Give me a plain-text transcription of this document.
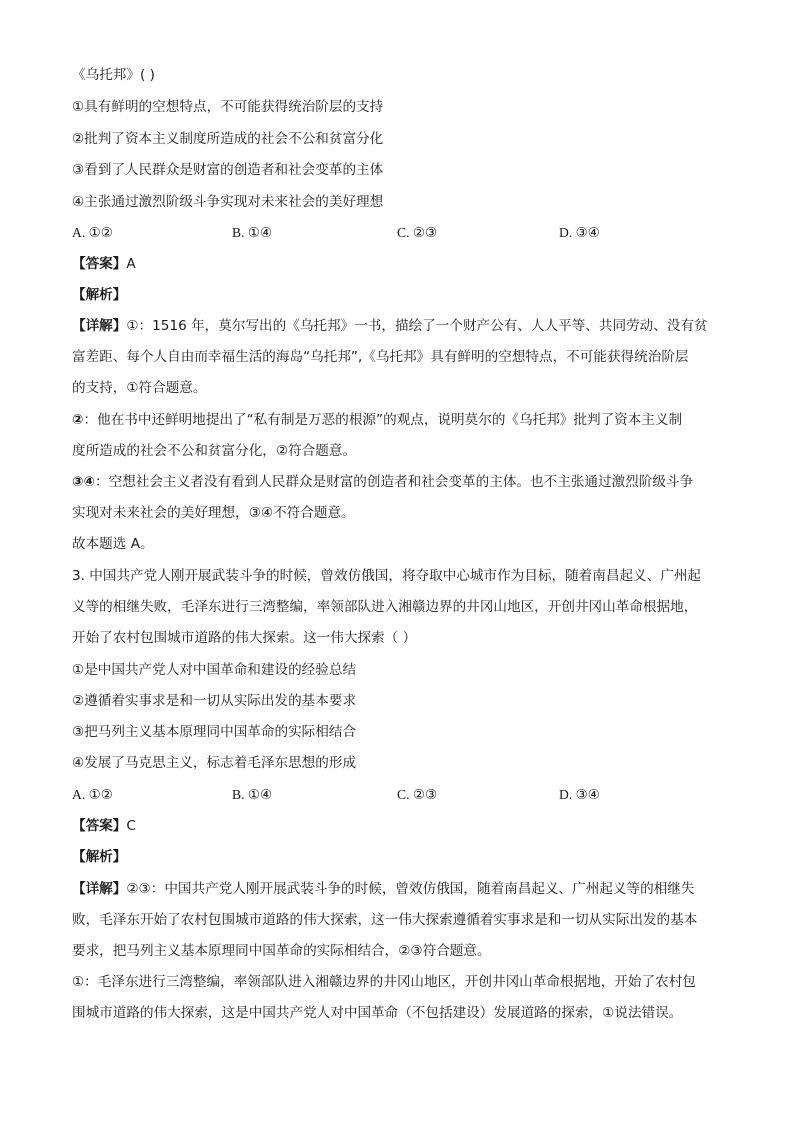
《乌托邦》( )
①具有鲜明的空想特点，不可能获得统治阶层的支持
②批判了资本主义制度所造成的社会不公和贫富分化
③看到了人民群众是财富的创造者和社会变革的主体
④主张通过激烈阶级斗争实现对未来社会的美好理想
A. ①②	B. ①④	C. ②③	D. ③④
【答案】A
【解析】
【详解】①：1516 年，莫尔写出的《乌托邦》一书，描绘了一个财产公有、人人平等、共同劳动、没有贫
富差距、每个人自由而幸福生活的海岛“乌托邦”,《乌托邦》具有鲜明的空想特点，不可能获得统治阶层
的支持，①符合题意。
②：他在书中还鲜明地提出了“私有制是万恶的根源”的观点，说明莫尔的《乌托邦》批判了资本主义制
度所造成的社会不公和贫富分化，②符合题意。
③④：空想社会主义者没有看到人民群众是财富的创造者和社会变革的主体。也不主张通过激烈阶级斗争
实现对未来社会的美好理想，③④不符合题意。
故本题选 A。
3. 中国共产党人刚开展武装斗争的时候，曾效仿俄国，将夺取中心城市作为目标，随着南昌起义、广州起
义等的相继失败，毛泽东进行三湾整编，率领部队进入湘赣边界的井冈山地区，开创井冈山革命根据地，
开始了农村包围城市道路的伟大探索。这一伟大探索（ ）
①是中国共产党人对中国革命和建设的经验总结
②遵循着实事求是和一切从实际出发的基本要求
③把马列主义基本原理同中国革命的实际相结合
④发展了马克思主义，标志着毛泽东思想的形成
A. ①②	B. ①④	C. ②③	D. ③④
【答案】C
【解析】
【详解】②③：中国共产党人刚开展武装斗争的时候，曾效仿俄国，随着南昌起义、广州起义等的相继失
败，毛泽东开始了农村包围城市道路的伟大探索，这一伟大探索遵循着实事求是和一切从实际出发的基本
要求，把马列主义基本原理同中国革命的实际相结合，②③符合题意。
①：毛泽东进行三湾整编，率领部队进入湘赣边界的井冈山地区，开创井冈山革命根据地，开始了农村包
围城市道路的伟大探索，这是中国共产党人对中国革命（不包括建设）发展道路的探索，①说法错误。
